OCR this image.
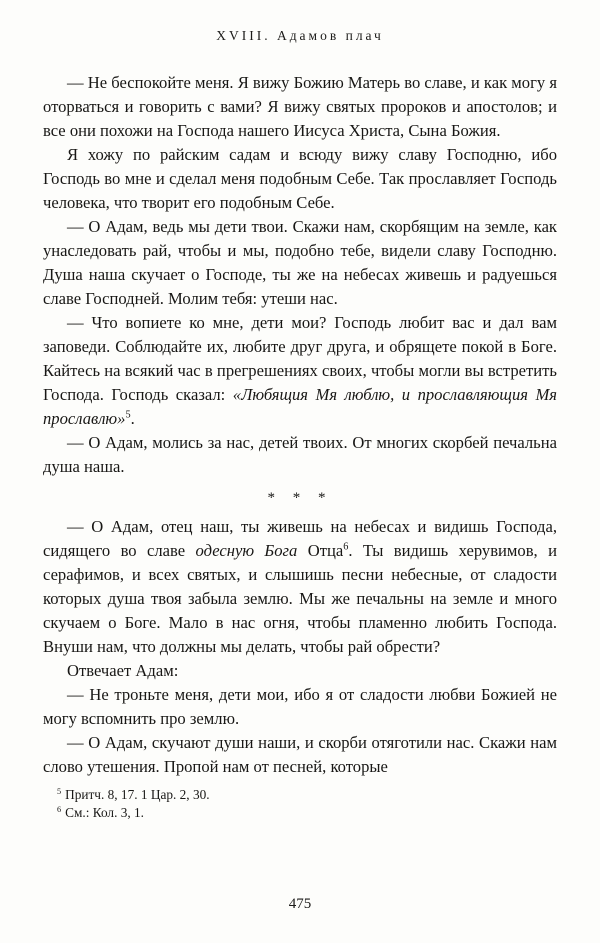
XVIII. Адамов плач

— Не беспокойте меня. Я вижу Божию Матерь во славе, и как могу я оторваться и говорить с вами? Я вижу святых пророков и апостолов; и все они похожи на Господа нашего Иисуса Христа, Сына Божия.

Я хожу по райским садам и всюду вижу славу Господню, ибо Господь во мне и сделал меня подобным Себе. Так прославляет Господь человека, что творит его подобным Себе.

— О Адам, ведь мы дети твои. Скажи нам, скорбящим на земле, как унаследовать рай, чтобы и мы, подобно тебе, видели славу Господню. Душа наша скучает о Господе, ты же на небесах живешь и радуешься славе Господней. Молим тебя: утеши нас.

— Что вопиете ко мне, дети мои? Господь любит вас и дал вам заповеди. Соблюдайте их, любите друг друга, и обрящете покой в Боге. Кайтесь на всякий час в прегрешениях своих, чтобы могли вы встретить Господа. Господь сказал: «Любящия Мя люблю, и прославляющия Мя прославлю»$^5$.

— О Адам, молись за нас, детей твоих. От многих скорбей печальна душа наша.

* * *

— О Адам, отец наш, ты живешь на небесах и видишь Господа, сидящего во славе одесную Бога Отца$^6$. Ты видишь херувимов, и серафимов, и всех святых, и слышишь песни небесные, от сладости которых душа твоя забыла землю. Мы же печальны на земле и много скучаем о Боге. Мало в нас огня, чтобы пламенно любить Господа. Внуши нам, что должны мы делать, чтобы рай обрести?

Отвечает Адам:

— Не троньте меня, дети мои, ибо я от сладости любви Божией не могу вспомнить про землю.

— О Адам, скучают души наши, и скорби отяготили нас. Скажи нам слово утешения. Пропой нам от песней, которые

$^5$ Притч. 8, 17. 1 Цар. 2, 30.
$^6$ См.: Кол. 3, 1.
475
